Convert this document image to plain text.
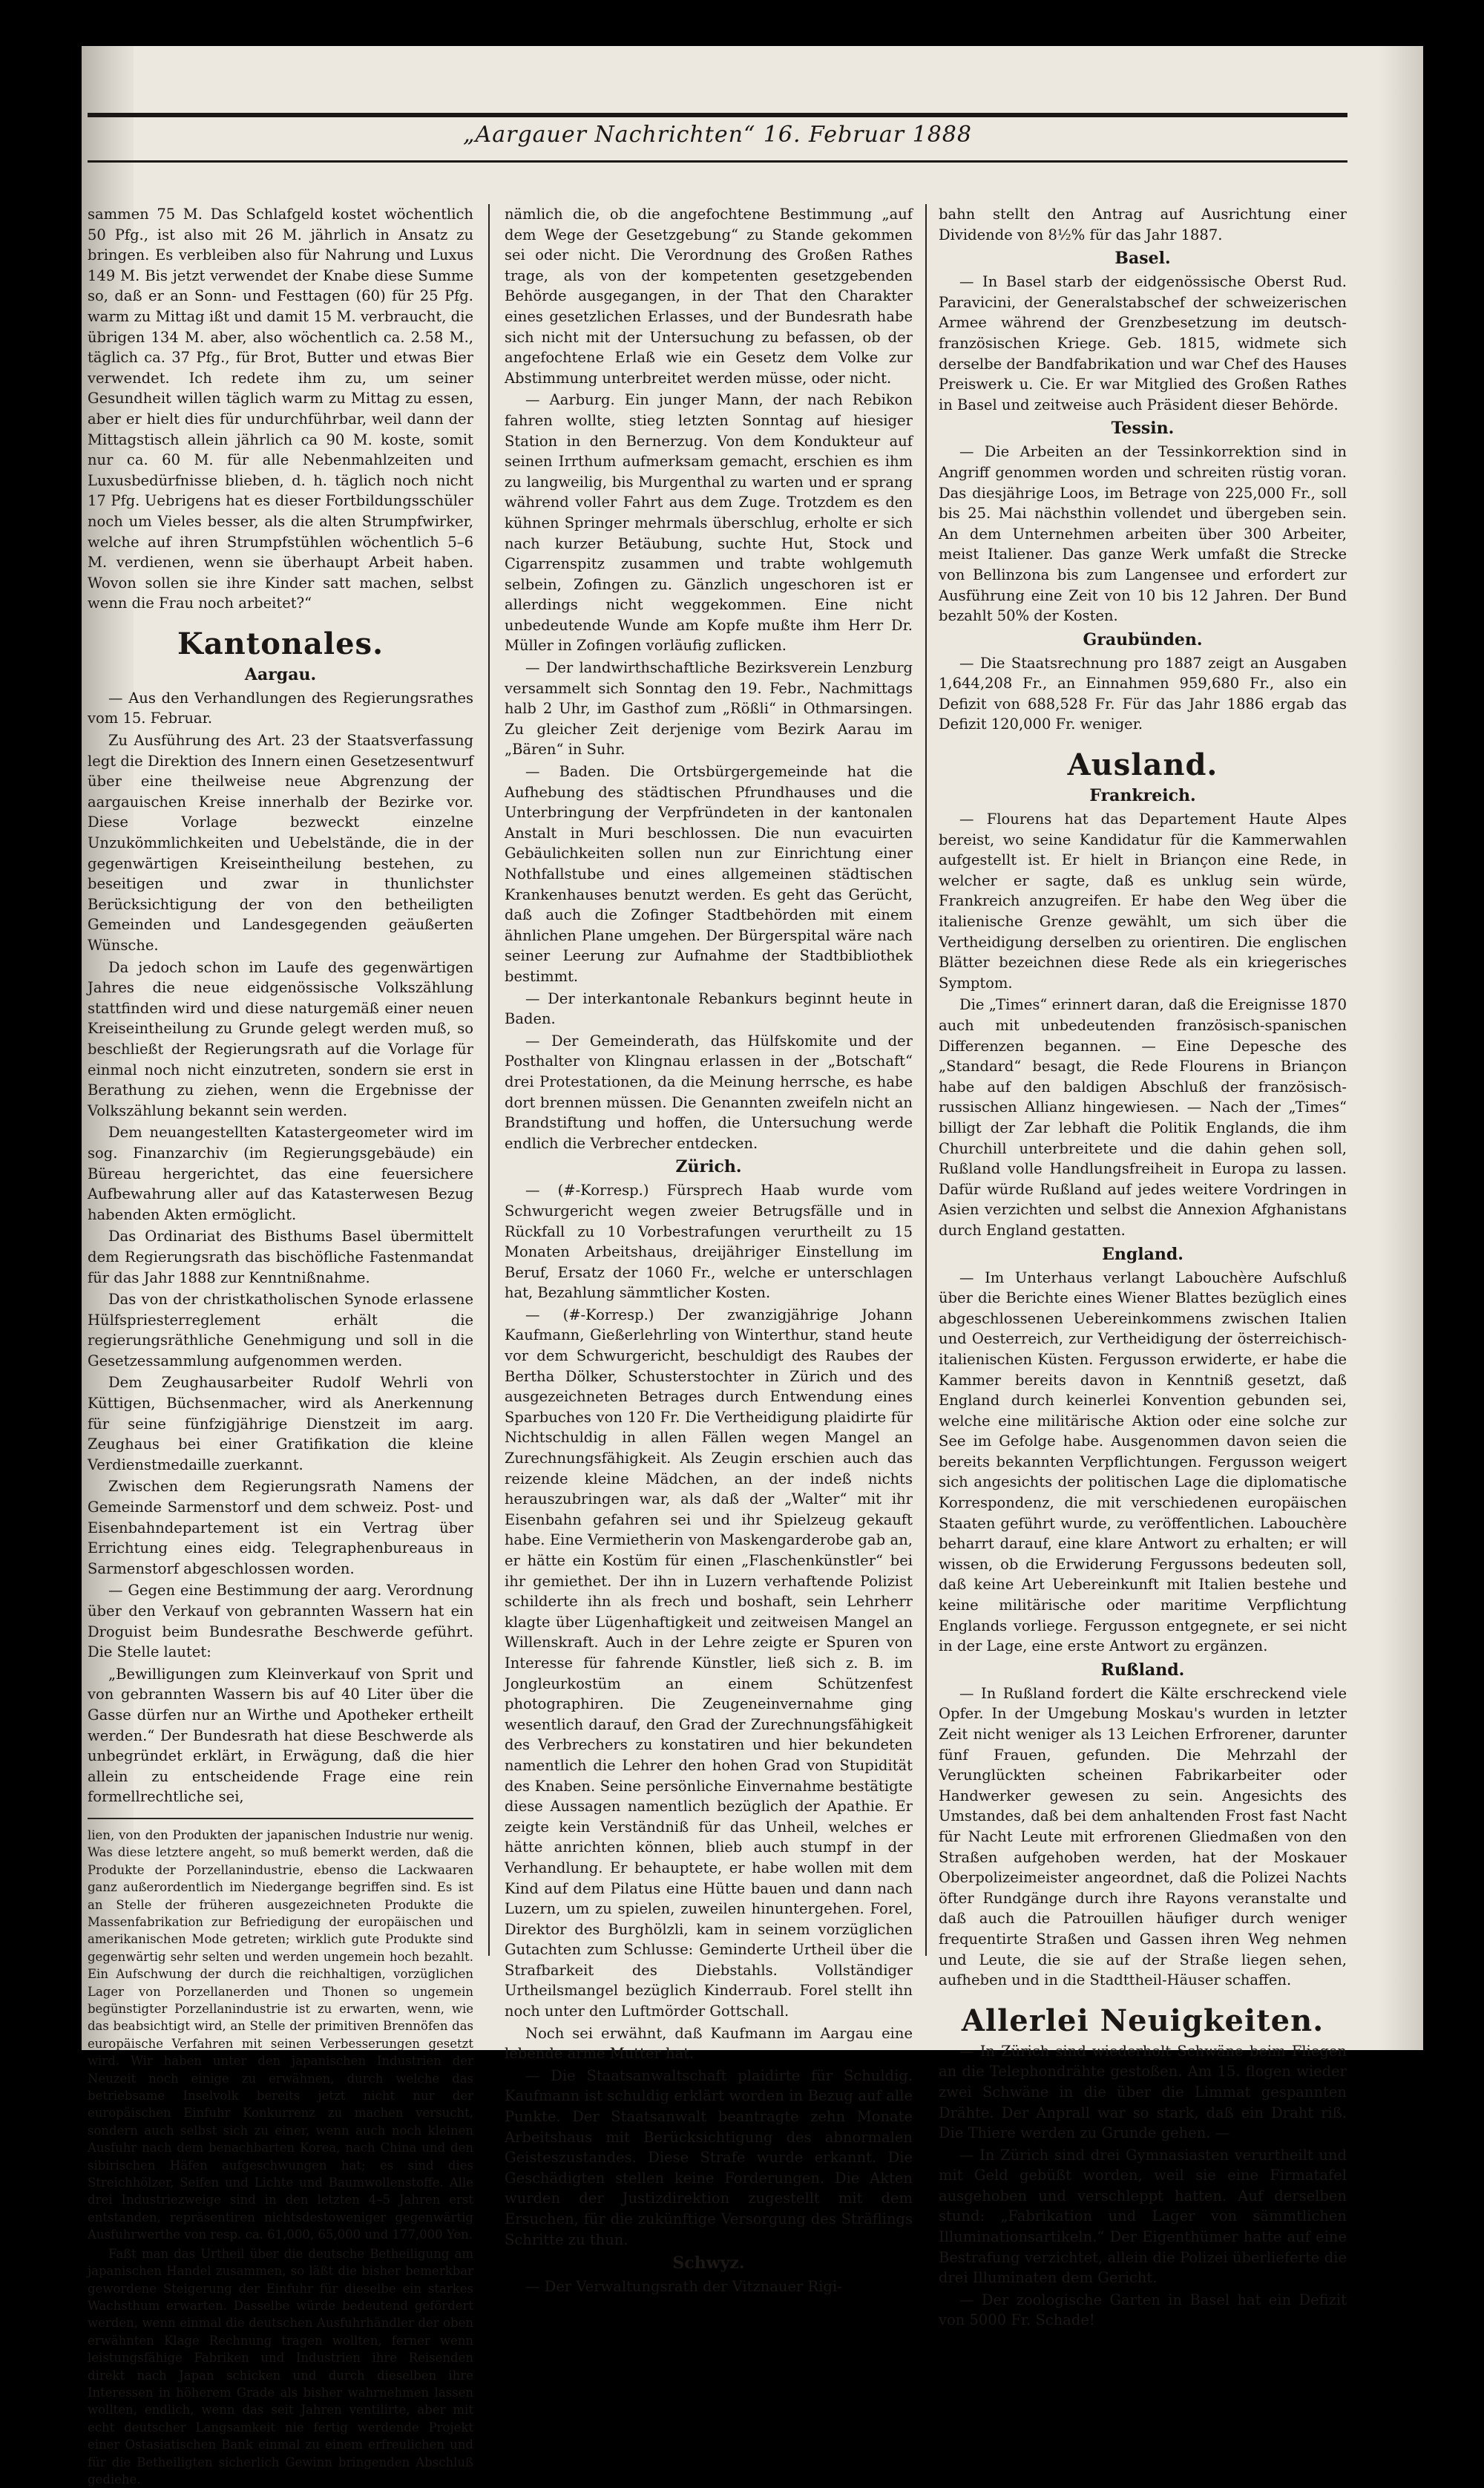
„Aargauer Nachrichten“ 16. Februar 1888

sammen 75 M. Das Schlafgeld kostet wöchentlich 50 Pfg., ist also mit 26 M. jährlich in Ansatz zu bringen. Es verbleiben also für Nahrung und Luxus 149 M. Bis jetzt verwendet der Knabe diese Summe so, daß er an Sonn- und Festtagen (60) für 25 Pfg. warm zu Mittag ißt und damit 15 M. verbraucht, die übrigen 134 M. aber, also wöchentlich ca. 2.58 M., täglich ca. 37 Pfg., für Brot, Butter und etwas Bier verwendet. Ich redete ihm zu, um seiner Gesundheit willen täglich warm zu Mittag zu essen, aber er hielt dies für undurchführbar, weil dann der Mittagstisch allein jährlich ca 90 M. koste, somit nur ca. 60 M. für alle Nebenmahlzeiten und Luxusbedürfnisse blieben, d. h. täglich noch nicht 17 Pfg. Uebrigens hat es dieser Fortbildungsschüler noch um Vieles besser, als die alten Strumpfwirker, welche auf ihren Strumpfstühlen wöchentlich 5–6 M. verdienen, wenn sie überhaupt Arbeit haben. Wovon sollen sie ihre Kinder satt machen, selbst wenn die Frau noch arbeitet?“

Kantonales.
Aargau.

— Aus den Verhandlungen des Regierungsrathes vom 15. Februar.

Zu Ausführung des Art. 23 der Staatsverfassung legt die Direktion des Innern einen Gesetzesentwurf über eine theilweise neue Abgrenzung der aargauischen Kreise innerhalb der Bezirke vor. Diese Vorlage bezweckt einzelne Unzukömmlichkeiten und Uebelstände, die in der gegenwärtigen Kreiseintheilung bestehen, zu beseitigen und zwar in thunlichster Berücksichtigung der von den betheiligten Gemeinden und Landesgegenden geäußerten Wünsche.

Da jedoch schon im Laufe des gegenwärtigen Jahres die neue eidgenössische Volkszählung stattfinden wird und diese naturgemäß einer neuen Kreiseintheilung zu Grunde gelegt werden muß, so beschließt der Regierungsrath auf die Vorlage für einmal noch nicht einzutreten, sondern sie erst in Berathung zu ziehen, wenn die Ergebnisse der Volkszählung bekannt sein werden.

Dem neuangestellten Katastergeometer wird im sog. Finanzarchiv (im Regierungsgebäude) ein Büreau hergerichtet, das eine feuersichere Aufbewahrung aller auf das Katasterwesen Bezug habenden Akten ermöglicht.

Das Ordinariat des Bisthums Basel übermittelt dem Regierungsrath das bischöfliche Fastenmandat für das Jahr 1888 zur Kenntnißnahme.

Das von der christkatholischen Synode erlassene Hülfspriesterreglement erhält die regierungsräthliche Genehmigung und soll in die Gesetzessammlung aufgenommen werden.

Dem Zeughausarbeiter Rudolf Wehrli von Küttigen, Büchsenmacher, wird als Anerkennung für seine fünfzigjährige Dienstzeit im aarg. Zeughaus bei einer Gratifikation die kleine Verdienstmedaille zuerkannt.

Zwischen dem Regierungsrath Namens der Gemeinde Sarmenstorf und dem schweiz. Post- und Eisenbahndepartement ist ein Vertrag über Errichtung eines eidg. Telegraphenbureaus in Sarmenstorf abgeschlossen worden.

— Gegen eine Bestimmung der aarg. Verordnung über den Verkauf von gebrannten Wassern hat ein Droguist beim Bundesrathe Beschwerde geführt. Die Stelle lautet:

„Bewilligungen zum Kleinverkauf von Sprit und von gebrannten Wassern bis auf 40 Liter über die Gasse dürfen nur an Wirthe und Apotheker ertheilt werden.“ Der Bundesrath hat diese Beschwerde als unbegründet erklärt, in Erwägung, daß die hier allein zu entscheidende Frage eine rein formellrechtliche sei,

lien, von den Produkten der japanischen Industrie nur wenig. Was diese letztere angeht, so muß bemerkt werden, daß die Produkte der Porzellanindustrie, ebenso die Lackwaaren ganz außerordentlich im Niedergange begriffen sind. Es ist an Stelle der früheren ausgezeichneten Produkte die Massenfabrikation zur Befriedigung der europäischen und amerikanischen Mode getreten; wirklich gute Produkte sind gegenwärtig sehr selten und werden ungemein hoch bezahlt. Ein Aufschwung der durch die reichhaltigen, vorzüglichen Lager von Porzellanerden und Thonen so ungemein begünstigter Porzellanindustrie ist zu erwarten, wenn, wie das beabsichtigt wird, an Stelle der primitiven Brennöfen das europäische Verfahren mit seinen Verbesserungen gesetzt wird. Wir haben unter den japanischen Industrien der Neuzeit noch einige zu erwähnen, durch welche das betriebsame Inselvolk bereits jetzt nicht nur der europäischen Einfuhr Konkurrenz zu machen versucht, sondern auch selbst sich zu einer, wenn auch noch kleinen Ausfuhr nach dem benachbarten Korea, nach China und den sibirischen Häfen aufgeschwungen hat; es sind dies Streichhölzer, Seifen und Lichte und Baumwollenstoffe. Alle drei Industriezweige sind in den letzten 4–5 Jahren erst entstanden, repräsentiren nichtsdestoweniger gegenwärtig Ausfuhrwerthe von resp. ca. 61,000, 65,000 und 177,000 Yen.

Faßt man das Urtheil über die deutsche Betheiligung am japanischen Handel zusammen, so läßt die bisher bemerkbar gewordene Steigerung der Einfuhr für dieselbe ein starkes Wachsthum erwarten. Dasselbe würde bedeutend gefördert werden, wenn einmal die deutschen Ausfuhrhändler der oben erwähnten Klage Rechnung tragen wollten, ferner wenn leistungsfähige Fabriken und Industrien ihre Reisenden direkt nach Japan schicken und durch dieselben ihre Interessen in höherem Grade als bisher wahrnehmen lassen wollten, endlich, wenn das seit Jahren ventilirte, aber mit echt deutscher Langsamkeit nie fertig werdende Projekt einer Ostasiatischen Bank einmal zu einem erfreulichen und für die Betheiligten sicherlich Gewinn bringenden Abschluß gediehe.

nämlich die, ob die angefochtene Bestimmung „auf dem Wege der Gesetzgebung“ zu Stande gekommen sei oder nicht. Die Verordnung des Großen Rathes trage, als von der kompetenten gesetzgebenden Behörde ausgegangen, in der That den Charakter eines gesetzlichen Erlasses, und der Bundesrath habe sich nicht mit der Untersuchung zu befassen, ob der angefochtene Erlaß wie ein Gesetz dem Volke zur Abstimmung unterbreitet werden müsse, oder nicht.

— Aarburg. Ein junger Mann, der nach Rebikon fahren wollte, stieg letzten Sonntag auf hiesiger Station in den Bernerzug. Von dem Kondukteur auf seinen Irrthum aufmerksam gemacht, erschien es ihm zu langweilig, bis Murgenthal zu warten und er sprang während voller Fahrt aus dem Zuge. Trotzdem es den kühnen Springer mehrmals überschlug, erholte er sich nach kurzer Betäubung, suchte Hut, Stock und Cigarrenspitz zusammen und trabte wohlgemuth selbein, Zofingen zu. Gänzlich ungeschoren ist er allerdings nicht weggekommen. Eine nicht unbedeutende Wunde am Kopfe mußte ihm Herr Dr. Müller in Zofingen vorläufig zuflicken.

— Der landwirthschaftliche Bezirksverein Lenzburg versammelt sich Sonntag den 19. Febr., Nachmittags halb 2 Uhr, im Gasthof zum „Rößli“ in Othmarsingen. Zu gleicher Zeit derjenige vom Bezirk Aarau im „Bären“ in Suhr.

— Baden. Die Ortsbürgergemeinde hat die Aufhebung des städtischen Pfrundhauses und die Unterbringung der Verpfründeten in der kantonalen Anstalt in Muri beschlossen. Die nun evacuirten Gebäulichkeiten sollen nun zur Einrichtung einer Nothfallstube und eines allgemeinen städtischen Krankenhauses benutzt werden. Es geht das Gerücht, daß auch die Zofinger Stadtbehörden mit einem ähnlichen Plane umgehen. Der Bürgerspital wäre nach seiner Leerung zur Aufnahme der Stadtbibliothek bestimmt.

— Der interkantonale Rebankurs beginnt heute in Baden.

— Der Gemeinderath, das Hülfskomite und der Posthalter von Klingnau erlassen in der „Botschaft“ drei Protestationen, da die Meinung herrsche, es habe dort brennen müssen. Die Genannten zweifeln nicht an Brandstiftung und hoffen, die Untersuchung werde endlich die Verbrecher entdecken.

Zürich.

— (#-Korresp.) Fürsprech Haab wurde vom Schwurgericht wegen zweier Betrugsfälle und in Rückfall zu 10 Vorbestrafungen verurtheilt zu 15 Monaten Arbeitshaus, dreijähriger Einstellung im Beruf, Ersatz der 1060 Fr., welche er unterschlagen hat, Bezahlung sämmtlicher Kosten.

— (#-Korresp.) Der zwanzigjährige Johann Kaufmann, Gießerlehrling von Winterthur, stand heute vor dem Schwurgericht, beschuldigt des Raubes der Bertha Dölker, Schusterstochter in Zürich und des ausgezeichneten Betrages durch Entwendung eines Sparbuches von 120 Fr. Die Vertheidigung plaidirte für Nichtschuldig in allen Fällen wegen Mangel an Zurechnungsfähigkeit. Als Zeugin erschien auch das reizende kleine Mädchen, an der indeß nichts herauszubringen war, als daß der „Walter“ mit ihr Eisenbahn gefahren sei und ihr Spielzeug gekauft habe. Eine Vermietherin von Maskengarderobe gab an, er hätte ein Kostüm für einen „Flaschenkünstler“ bei ihr gemiethet. Der ihn in Luzern verhaftende Polizist schilderte ihn als frech und boshaft, sein Lehrherr klagte über Lügenhaftigkeit und zeitweisen Mangel an Willenskraft. Auch in der Lehre zeigte er Spuren von Interesse für fahrende Künstler, ließ sich z. B. im Jongleurkostüm an einem Schützenfest photographiren. Die Zeugeneinvernahme ging wesentlich darauf, den Grad der Zurechnungsfähigkeit des Verbrechers zu konstatiren und hier bekundeten namentlich die Lehrer den hohen Grad von Stupidität des Knaben. Seine persönliche Einvernahme bestätigte diese Aussagen namentlich bezüglich der Apathie. Er zeigte kein Verständniß für das Unheil, welches er hätte anrichten können, blieb auch stumpf in der Verhandlung. Er behauptete, er habe wollen mit dem Kind auf dem Pilatus eine Hütte bauen und dann nach Luzern, um zu spielen, zuweilen hinuntergehen. Forel, Direktor des Burghölzli, kam in seinem vorzüglichen Gutachten zum Schlusse: Geminderte Urtheil über die Strafbarkeit des Diebstahls. Vollständiger Urtheilsmangel bezüglich Kinderraub. Forel stellt ihn noch unter den Luftmörder Gottschall.

Noch sei erwähnt, daß Kaufmann im Aargau eine lebende arme Mutter hat.

— Die Staatsanwaltschaft plaidirte für Schuldig. Kaufmann ist schuldig erklärt worden in Bezug auf alle Punkte. Der Staatsanwalt beantragte zehn Monate Arbeitshaus mit Berücksichtigung des abnormalen Geisteszustandes. Diese Strafe wurde erkannt. Die Geschädigten stellen keine Forderungen. Die Akten wurden der Justizdirektion zugestellt mit dem Ersuchen, für die zukünftige Versorgung des Sträflings Schritte zu thun.

Schwyz.

— Der Verwaltungsrath der Vitznauer Rigi-

bahn stellt den Antrag auf Ausrichtung einer Dividende von 8½% für das Jahr 1887.

Basel.

— In Basel starb der eidgenössische Oberst Rud. Paravicini, der Generalstabschef der schweizerischen Armee während der Grenzbesetzung im deutsch-französischen Kriege. Geb. 1815, widmete sich derselbe der Bandfabrikation und war Chef des Hauses Preiswerk u. Cie. Er war Mitglied des Großen Rathes in Basel und zeitweise auch Präsident dieser Behörde.

Tessin.

— Die Arbeiten an der Tessinkorrektion sind in Angriff genommen worden und schreiten rüstig voran. Das diesjährige Loos, im Betrage von 225,000 Fr., soll bis 25. Mai nächsthin vollendet und übergeben sein. An dem Unternehmen arbeiten über 300 Arbeiter, meist Italiener. Das ganze Werk umfaßt die Strecke von Bellinzona bis zum Langensee und erfordert zur Ausführung eine Zeit von 10 bis 12 Jahren. Der Bund bezahlt 50% der Kosten.

Graubünden.

— Die Staatsrechnung pro 1887 zeigt an Ausgaben 1,644,208 Fr., an Einnahmen 959,680 Fr., also ein Defizit von 688,528 Fr. Für das Jahr 1886 ergab das Defizit 120,000 Fr. weniger.

Ausland.
Frankreich.

— Flourens hat das Departement Haute Alpes bereist, wo seine Kandidatur für die Kammerwahlen aufgestellt ist. Er hielt in Briançon eine Rede, in welcher er sagte, daß es unklug sein würde, Frankreich anzugreifen. Er habe den Weg über die italienische Grenze gewählt, um sich über die Vertheidigung derselben zu orientiren. Die englischen Blätter bezeichnen diese Rede als ein kriegerisches Symptom.

Die „Times“ erinnert daran, daß die Ereignisse 1870 auch mit unbedeutenden französisch-spanischen Differenzen begannen. — Eine Depesche des „Standard“ besagt, die Rede Flourens in Briançon habe auf den baldigen Abschluß der französisch-russischen Allianz hingewiesen. — Nach der „Times“ billigt der Zar lebhaft die Politik Englands, die ihm Churchill unterbreitete und die dahin gehen soll, Rußland volle Handlungsfreiheit in Europa zu lassen. Dafür würde Rußland auf jedes weitere Vordringen in Asien verzichten und selbst die Annexion Afghanistans durch England gestatten.

England.

— Im Unterhaus verlangt Labouchère Aufschluß über die Berichte eines Wiener Blattes bezüglich eines abgeschlossenen Uebereinkommens zwischen Italien und Oesterreich, zur Vertheidigung der österreichisch-italienischen Küsten. Fergusson erwiderte, er habe die Kammer bereits davon in Kenntniß gesetzt, daß England durch keinerlei Konvention gebunden sei, welche eine militärische Aktion oder eine solche zur See im Gefolge habe. Ausgenommen davon seien die bereits bekannten Verpflichtungen. Fergusson weigert sich angesichts der politischen Lage die diplomatische Korrespondenz, die mit verschiedenen europäischen Staaten geführt wurde, zu veröffentlichen. Labouchère beharrt darauf, eine klare Antwort zu erhalten; er will wissen, ob die Erwiderung Fergussons bedeuten soll, daß keine Art Uebereinkunft mit Italien bestehe und keine militärische oder maritime Verpflichtung Englands vorliege. Fergusson entgegnete, er sei nicht in der Lage, eine erste Antwort zu ergänzen.

Rußland.

— In Rußland fordert die Kälte erschreckend viele Opfer. In der Umgebung Moskau's wurden in letzter Zeit nicht weniger als 13 Leichen Erfrorener, darunter fünf Frauen, gefunden. Die Mehrzahl der Verunglückten scheinen Fabrikarbeiter oder Handwerker gewesen zu sein. Angesichts des Umstandes, daß bei dem anhaltenden Frost fast Nacht für Nacht Leute mit erfrorenen Gliedmaßen von den Straßen aufgehoben werden, hat der Moskauer Oberpolizeimeister angeordnet, daß die Polizei Nachts öfter Rundgänge durch ihre Rayons veranstalte und daß auch die Patrouillen häufiger durch weniger frequentirte Straßen und Gassen ihren Weg nehmen und Leute, die sie auf der Straße liegen sehen, aufheben und in die Stadttheil-Häuser schaffen.

Allerlei Neuigkeiten.

— In Zürich sind wiederholt Schwäne beim Fliegen an die Telephondrähte gestoßen. Am 15. flogen wieder zwei Schwäne in die über die Limmat gespannten Drähte. Der Anprall war so stark, daß ein Draht riß. Die Thiere werden zu Grunde gehen. —

— In Zürich sind drei Gymnasiasten verurtheilt und mit Geld gebüßt worden, weil sie eine Firmatafel ausgehoben und verschleppt hatten. Auf derselben stund: „Fabrikation und Lager von sämmtlichen Illuminationsartikeln.“ Der Eigenthümer hatte auf eine Bestrafung verzichtet, allein die Polizei überlieferte die drei Illuminaten dem Gericht.

— Der zoologische Garten in Basel hat ein Defizit von 5000 Fr. Schade!
